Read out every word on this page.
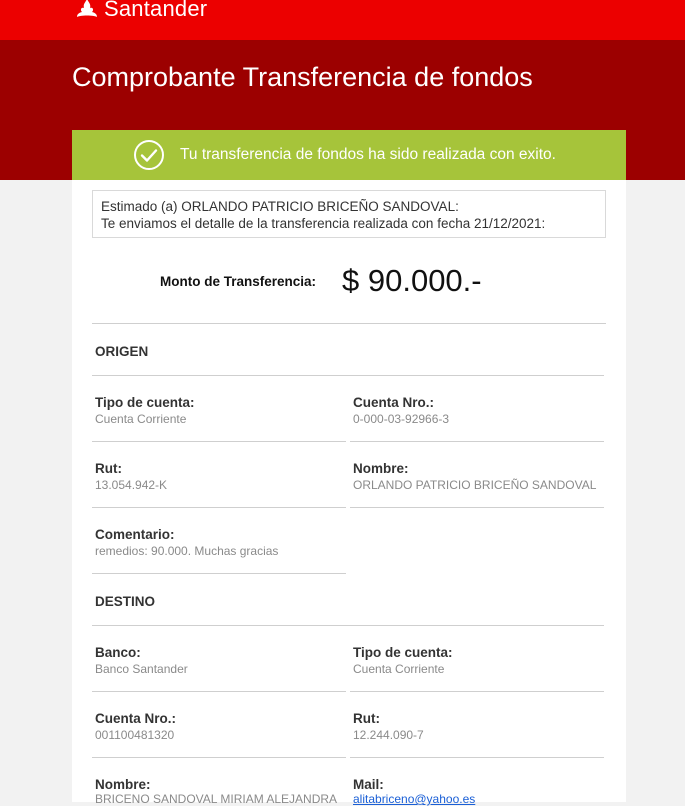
Santander
Comprobante Transferencia de fondos
Tu transferencia de fondos ha sido realizada con exito.
Estimado (a) ORLANDO PATRICIO BRICEÑO SANDOVAL:
Te enviamos el detalle de la transferencia realizada con fecha 21/12/2021:
Monto de Transferencia: $ 90.000.-
ORIGEN
Tipo de cuenta:
Cuenta Corriente
Cuenta Nro.:
0-000-03-92966-3
Rut:
13.054.942-K
Nombre:
ORLANDO PATRICIO BRICEÑO SANDOVAL
Comentario:
remedios: 90.000. Muchas gracias
DESTINO
Banco:
Banco Santander
Tipo de cuenta:
Cuenta Corriente
Cuenta Nro.:
001100481320
Rut:
12.244.090-7
Nombre:
BRICENO SANDOVAL MIRIAM ALEJANDRA
Mail:
alitabriceno@yahoo.es
